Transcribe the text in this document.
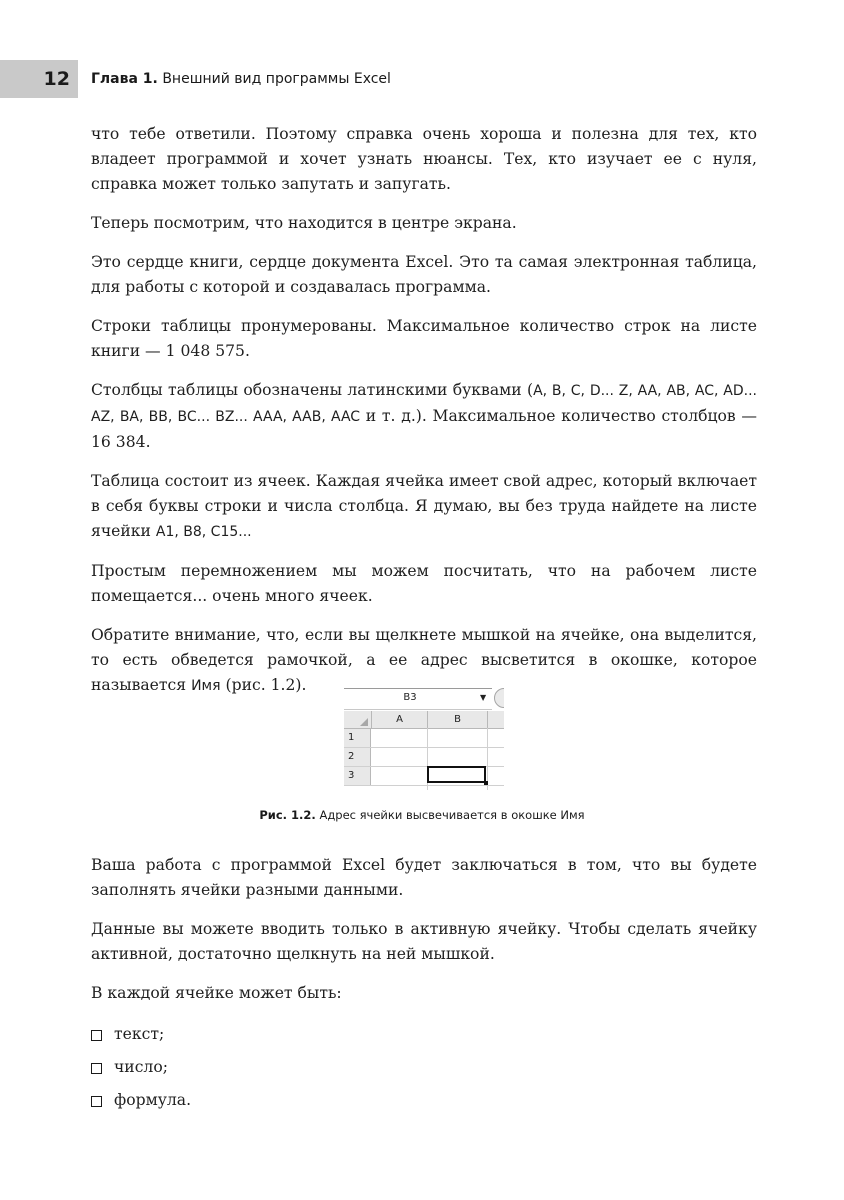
12 Глава 1. Внешний вид программы Excel

что тебе ответили. Поэтому справка очень хороша и полезна для тех, кто владеет программой и хочет узнать нюансы. Тех, кто изучает ее с нуля, справка может только запутать и запугать.

Теперь посмотрим, что находится в центре экрана.

Это сердце книги, сердце документа Excel. Это та самая электронная таблица, для работы с которой и создавалась программа.

Строки таблицы пронумерованы. Максимальное количество строк на листе книги — 1 048 575.

Столбцы таблицы обозначены латинскими буквами (A, B, C, D... Z, AA, AB, AC, AD... AZ, BA, BB, BC... BZ... AAA, AAB, AAC и т. д.). Максимальное количество столбцов — 16 384.

Таблица состоит из ячеек. Каждая ячейка имеет свой адрес, который включает в себя буквы строки и числа столбца. Я думаю, вы без труда найдете на листе ячейки A1, B8, C15...

Простым перемножением мы можем посчитать, что на рабочем листе помещается... очень много ячеек.

Обратите внимание, что, если вы щелкнете мышкой на ячейке, она выделится, то есть обведется рамочкой, а ее адрес высветится в окошке, которое называется Имя (рис. 1.2).

B3	▼
A	B
1
2
3
Рис. 1.2. Адрес ячейки высвечивается в окошке Имя

Ваша работа с программой Excel будет заключаться в том, что вы будете заполнять ячейки разными данными.

Данные вы можете вводить только в активную ячейку. Чтобы сделать ячейку активной, достаточно щелкнуть на ней мышкой.

В каждой ячейке может быть:

текст;
число;
формула.
